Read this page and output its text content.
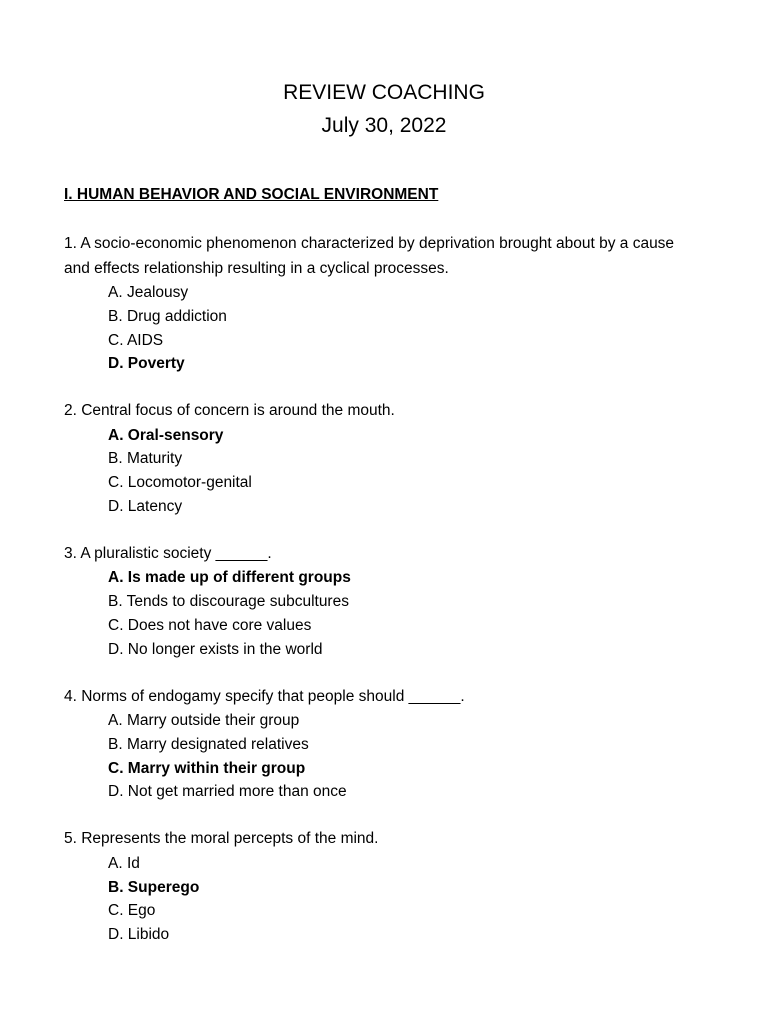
REVIEW COACHING

July 30, 2022

I. HUMAN BEHAVIOR AND SOCIAL ENVIRONMENT

1. A socio-economic phenomenon characterized by deprivation brought about by a cause and effects relationship resulting in a cyclical processes.

A. Jealousy
B. Drug addiction
C. AIDS
D. Poverty

2. Central focus of concern is around the mouth.

A. Oral-sensory
B. Maturity
C. Locomotor-genital
D. Latency

3. A pluralistic society ______.

A. Is made up of different groups
B. Tends to discourage subcultures
C. Does not have core values
D. No longer exists in the world

4. Norms of endogamy specify that people should ______.

A. Marry outside their group
B. Marry designated relatives
C. Marry within their group
D. Not get married more than once

5. Represents the moral percepts of the mind.

A. Id
B. Superego
C. Ego
D. Libido
